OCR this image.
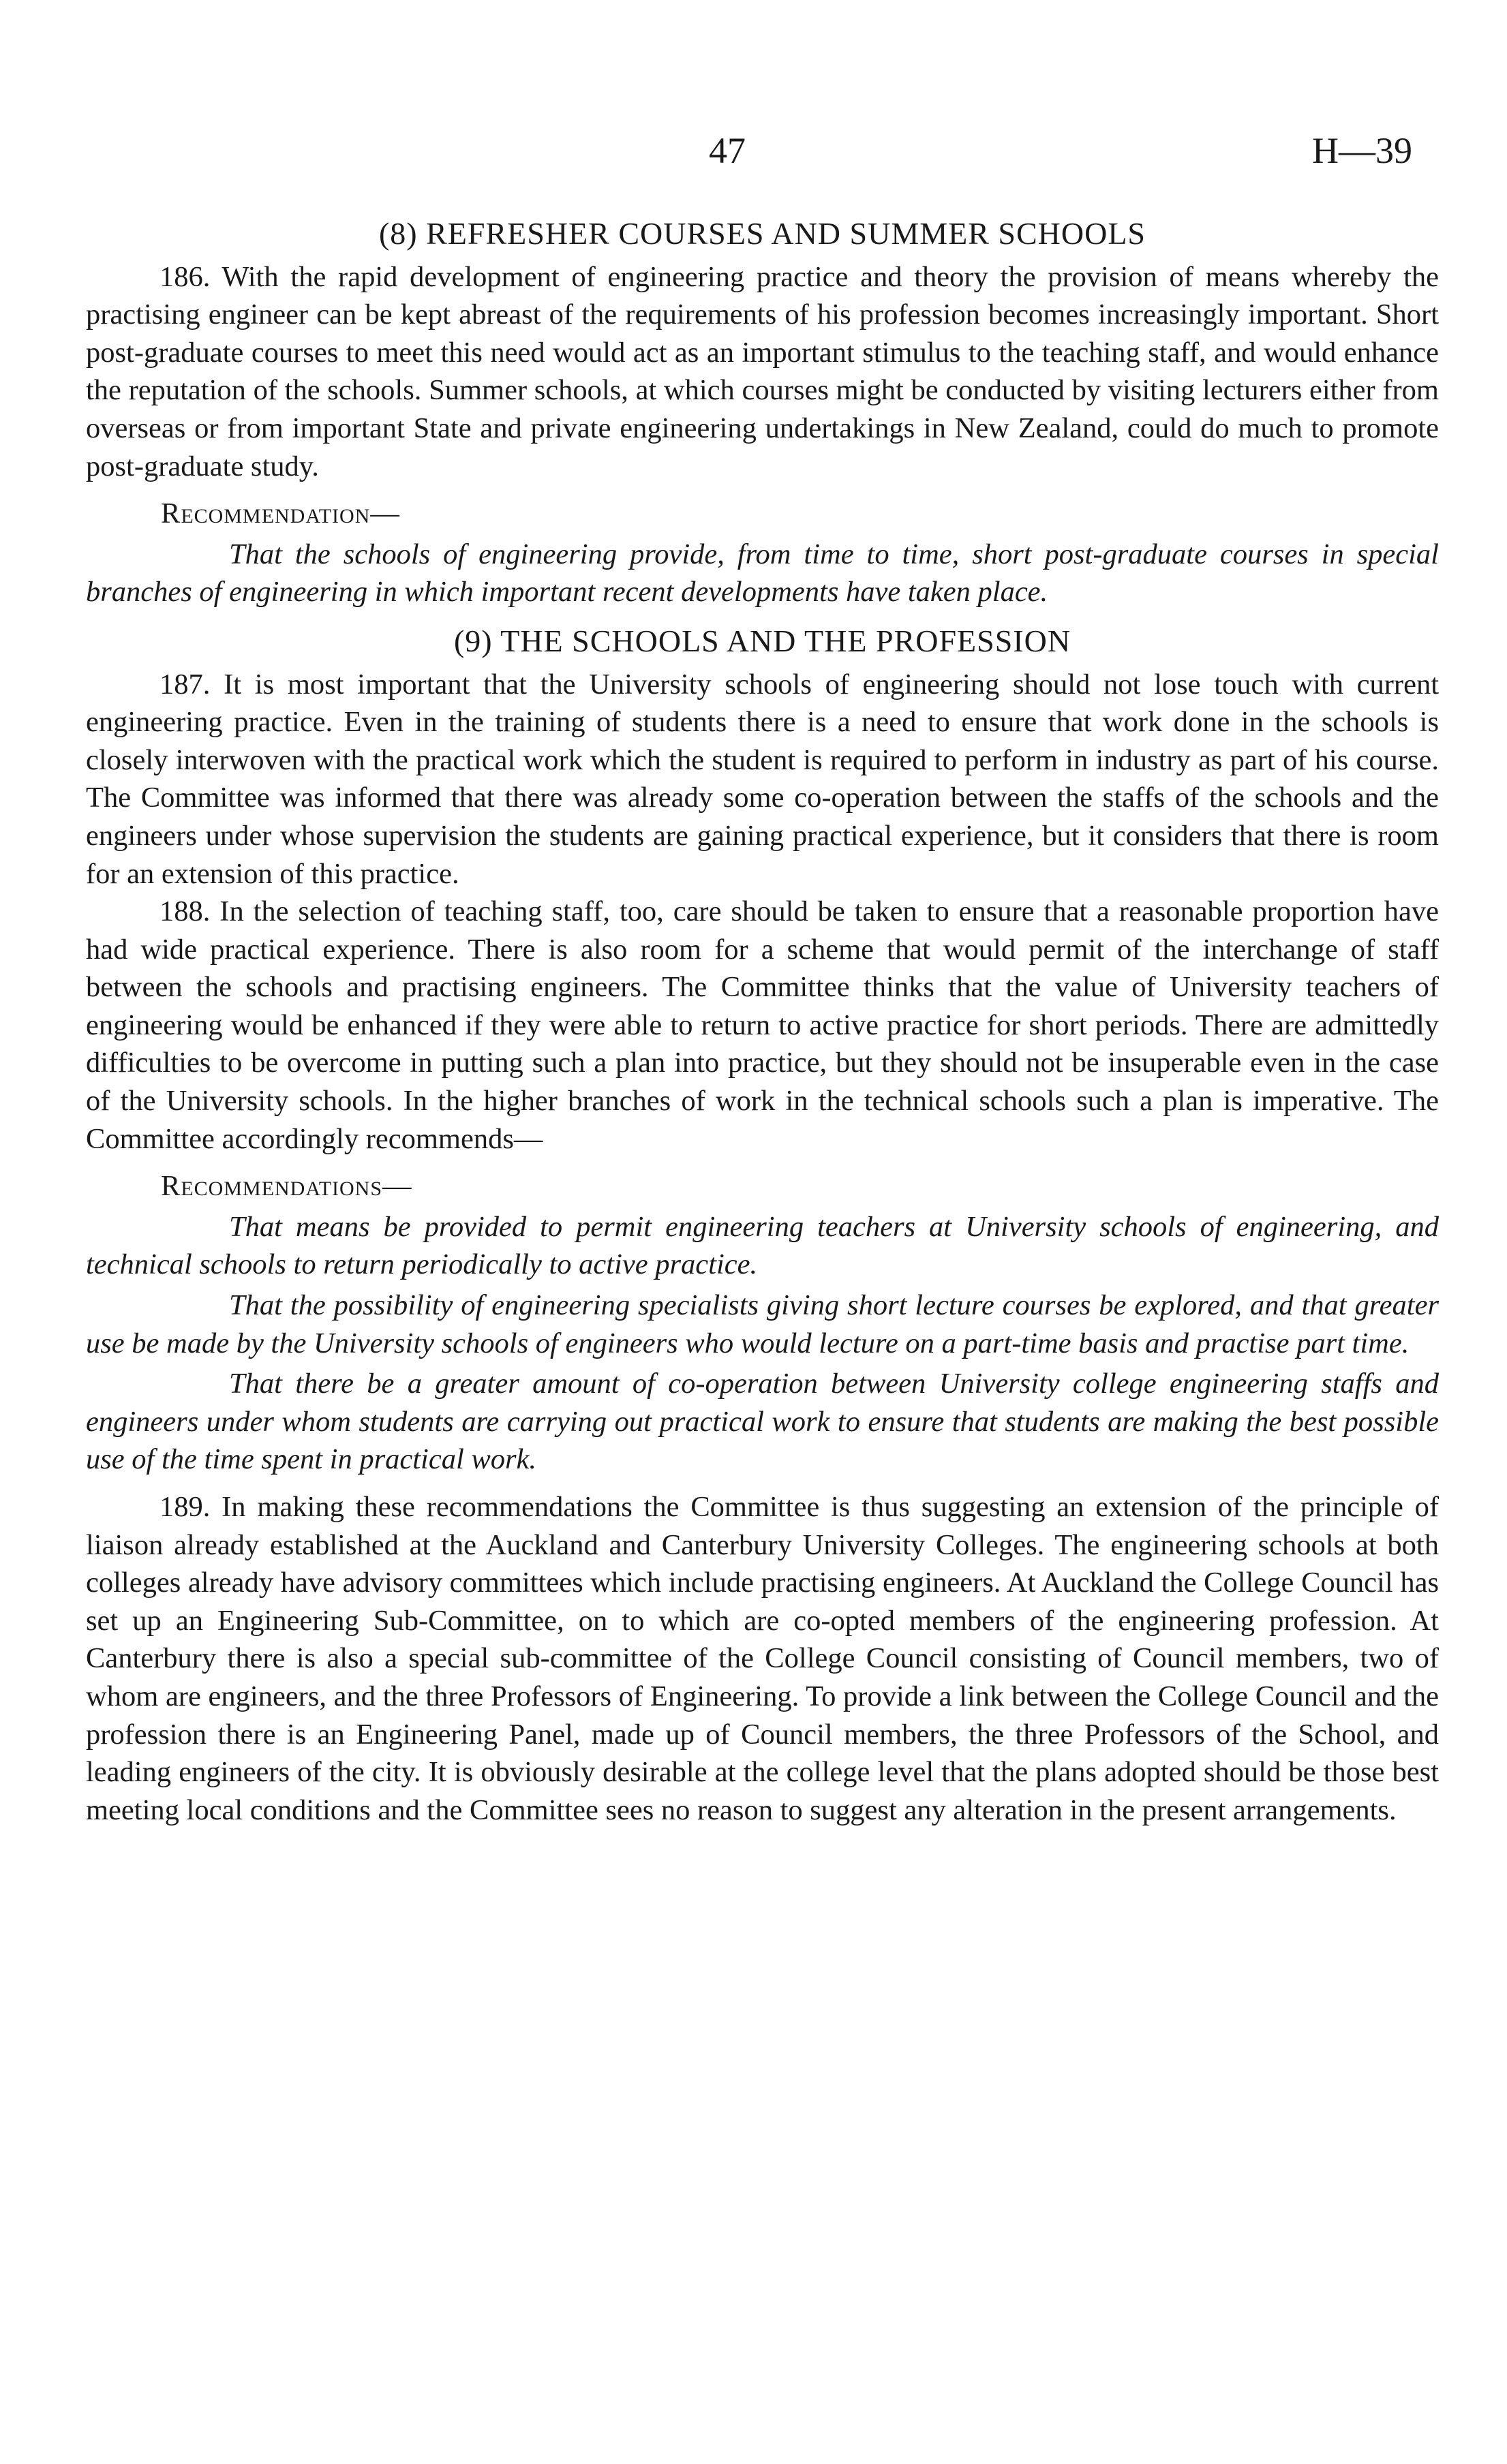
47	H—39

(8) REFRESHER COURSES AND SUMMER SCHOOLS

186. With the rapid development of engineering practice and theory the provision of means whereby the practising engineer can be kept abreast of the requirements of his profession becomes increasingly important. Short post-graduate courses to meet this need would act as an important stimulus to the teaching staff, and would enhance the reputation of the schools. Summer schools, at which courses might be conducted by visiting lecturers either from overseas or from important State and private engineering undertakings in New Zealand, could do much to promote post-graduate study.

Recommendation—

That the schools of engineering provide, from time to time, short post-graduate courses in special branches of engineering in which important recent developments have taken place.

(9) THE SCHOOLS AND THE PROFESSION

187. It is most important that the University schools of engineering should not lose touch with current engineering practice. Even in the training of students there is a need to ensure that work done in the schools is closely interwoven with the practical work which the student is required to perform in industry as part of his course. The Committee was informed that there was already some co-operation between the staffs of the schools and the engineers under whose supervision the students are gaining practical experience, but it considers that there is room for an extension of this practice.

188. In the selection of teaching staff, too, care should be taken to ensure that a reasonable proportion have had wide practical experience. There is also room for a scheme that would permit of the interchange of staff between the schools and practising engineers. The Committee thinks that the value of University teachers of engineering would be enhanced if they were able to return to active practice for short periods. There are admittedly difficulties to be overcome in putting such a plan into practice, but they should not be insuperable even in the case of the University schools. In the higher branches of work in the technical schools such a plan is imperative. The Committee accordingly recommends—

Recommendations—

That means be provided to permit engineering teachers at University schools of engineering, and technical schools to return periodically to active practice.

That the possibility of engineering specialists giving short lecture courses be explored, and that greater use be made by the University schools of engineers who would lecture on a part-time basis and practise part time.

That there be a greater amount of co-operation between University college engineering staffs and engineers under whom students are carrying out practical work to ensure that students are making the best possible use of the time spent in practical work.

189. In making these recommendations the Committee is thus suggesting an extension of the principle of liaison already established at the Auckland and Canterbury University Colleges. The engineering schools at both colleges already have advisory committees which include practising engineers. At Auckland the College Council has set up an Engineering Sub-Committee, on to which are co-opted members of the engineering profession. At Canterbury there is also a special sub-committee of the College Council consisting of Council members, two of whom are engineers, and the three Professors of Engineering. To provide a link between the College Council and the profession there is an Engineering Panel, made up of Council members, the three Professors of the School, and leading engineers of the city. It is obviously desirable at the college level that the plans adopted should be those best meeting local conditions and the Committee sees no reason to suggest any alteration in the present arrangements.
